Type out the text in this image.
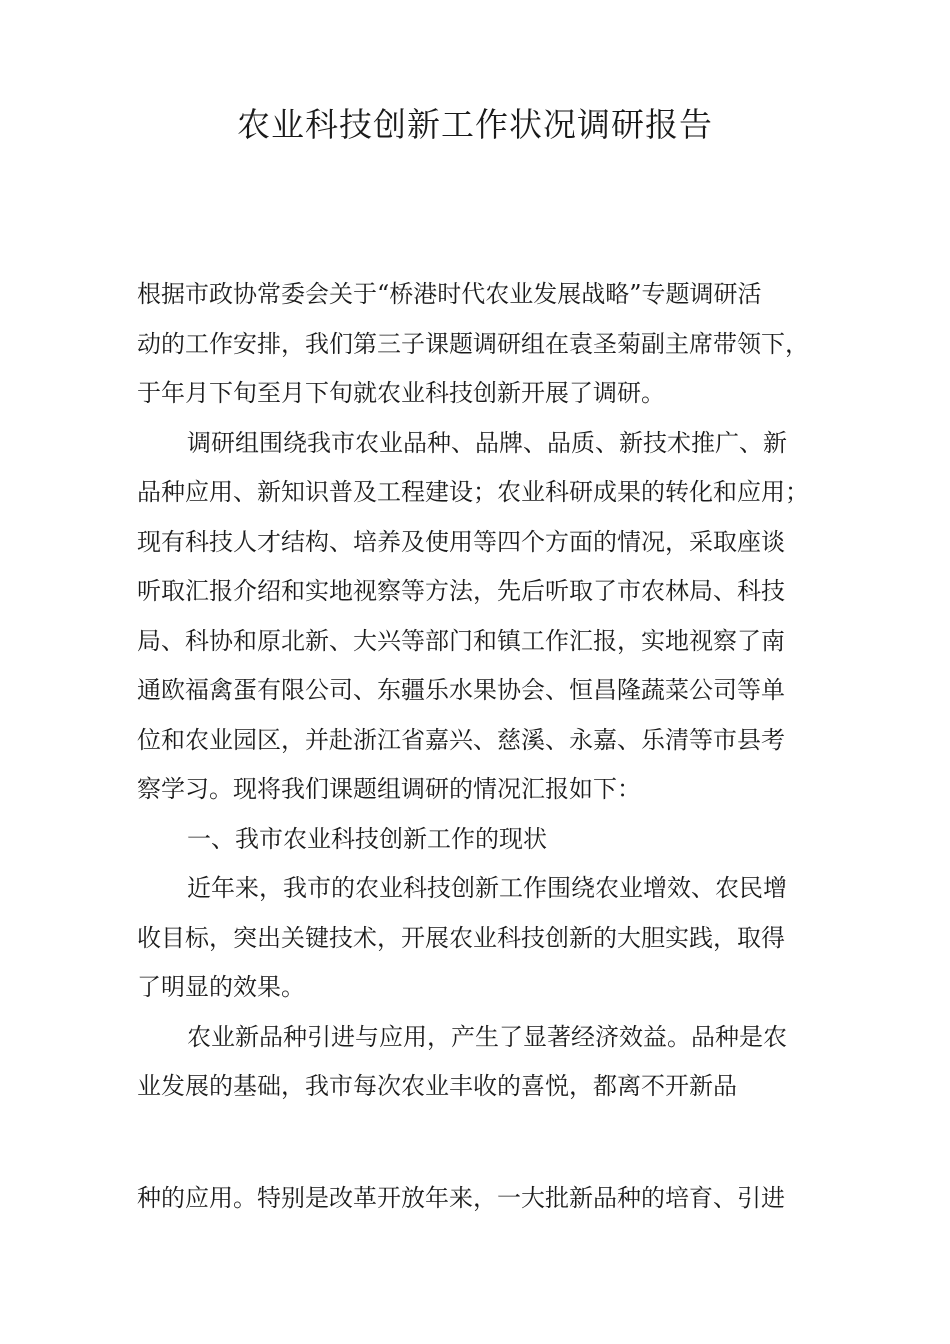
农业科技创新工作状况调研报告

根据市政协常委会关于“桥港时代农业发展战略”专题调研活

动的工作安排，我们第三子课题调研组在袁圣菊副主席带领下，

于年月下旬至月下旬就农业科技创新开展了调研。

调研组围绕我市农业品种、品牌、品质、新技术推广、新

品种应用、新知识普及工程建设；农业科研成果的转化和应用；

现有科技人才结构、培养及使用等四个方面的情况，采取座谈

听取汇报介绍和实地视察等方法，先后听取了市农林局、科技

局、科协和原北新、大兴等部门和镇工作汇报，实地视察了南

通欧福禽蛋有限公司、东疆乐水果协会、恒昌隆蔬菜公司等单

位和农业园区，并赴浙江省嘉兴、慈溪、永嘉、乐清等市县考

察学习。现将我们课题组调研的情况汇报如下：

一、我市农业科技创新工作的现状

近年来，我市的农业科技创新工作围绕农业增效、农民增

收目标，突出关键技术，开展农业科技创新的大胆实践，取得

了明显的效果。

农业新品种引进与应用，产生了显著经济效益。品种是农

业发展的基础，我市每次农业丰收的喜悦，都离不开新品

种的应用。特别是改革开放年来，一大批新品种的培育、引进
